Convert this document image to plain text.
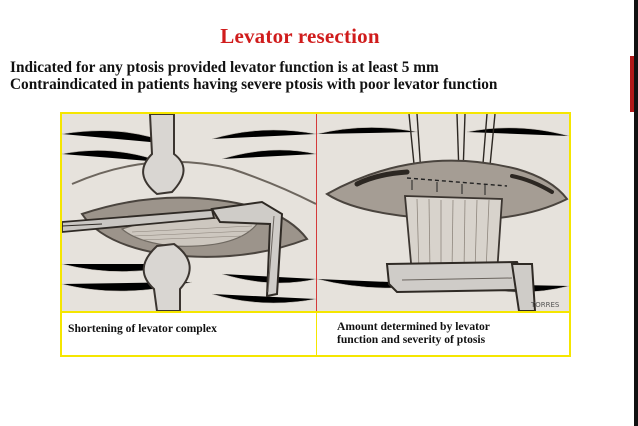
Levator resection
Indicated for any ptosis provided levator function is at least 5 mm
Contraindicated in patients having severe ptosis with poor levator function
TORRES
Shortening of levator complex	Amount determined by levator
function and severity of ptosis
